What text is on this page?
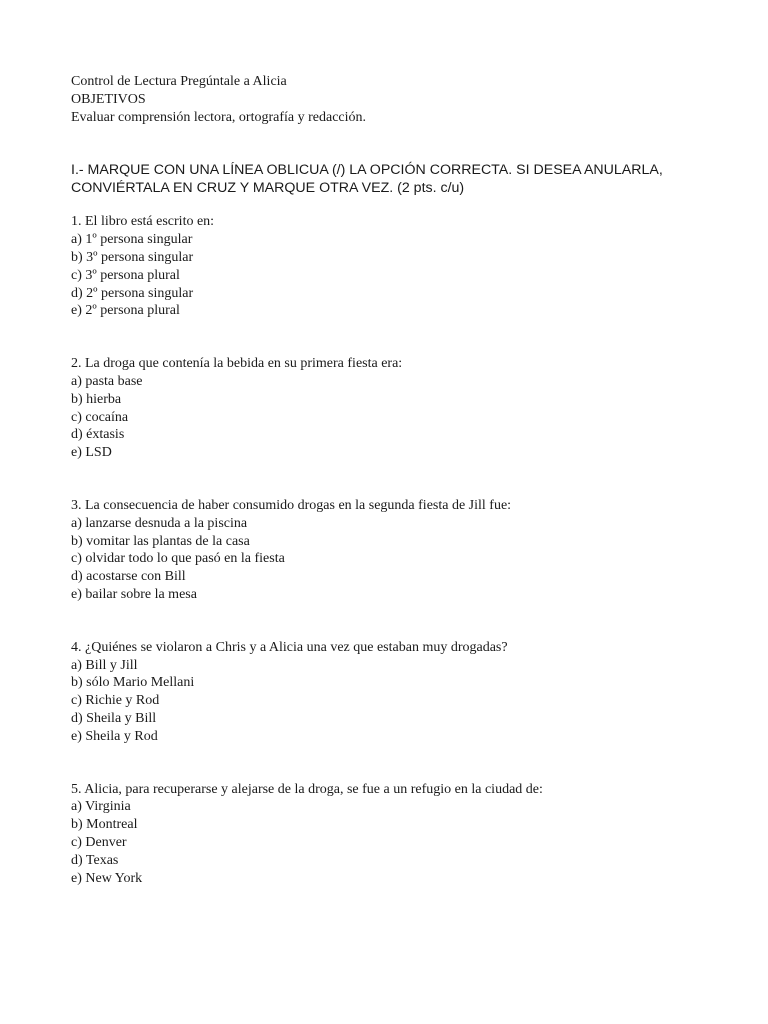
Control de Lectura Pregúntale a Alicia
OBJETIVOS
Evaluar comprensión lectora, ortografía y redacción.
I.- MARQUE CON UNA LÍNEA OBLICUA (/) LA OPCIÓN CORRECTA. SI DESEA ANULARLA,
CONVIÉRTALA EN CRUZ Y MARQUE OTRA VEZ. (2 pts. c/u)
1. El libro está escrito en:
a) 1º persona singular
b) 3º persona singular
c) 3º persona plural
d) 2º persona singular
e) 2º persona plural
2. La droga que contenía la bebida en su primera fiesta era:
a) pasta base
b) hierba
c) cocaína
d) éxtasis
e) LSD
3. La consecuencia de haber consumido drogas en la segunda fiesta de Jill fue:
a) lanzarse desnuda a la piscina
b) vomitar las plantas de la casa
c) olvidar todo lo que pasó en la fiesta
d) acostarse con Bill
e) bailar sobre la mesa
4. ¿Quiénes se violaron a Chris y a Alicia una vez que estaban muy drogadas?
a) Bill y Jill
b) sólo Mario Mellani
c) Richie y Rod
d) Sheila y Bill
e) Sheila y Rod
5. Alicia, para recuperarse y alejarse de la droga, se fue a un refugio en la ciudad de:
a) Virginia
b) Montreal
c) Denver
d) Texas
e) New York
